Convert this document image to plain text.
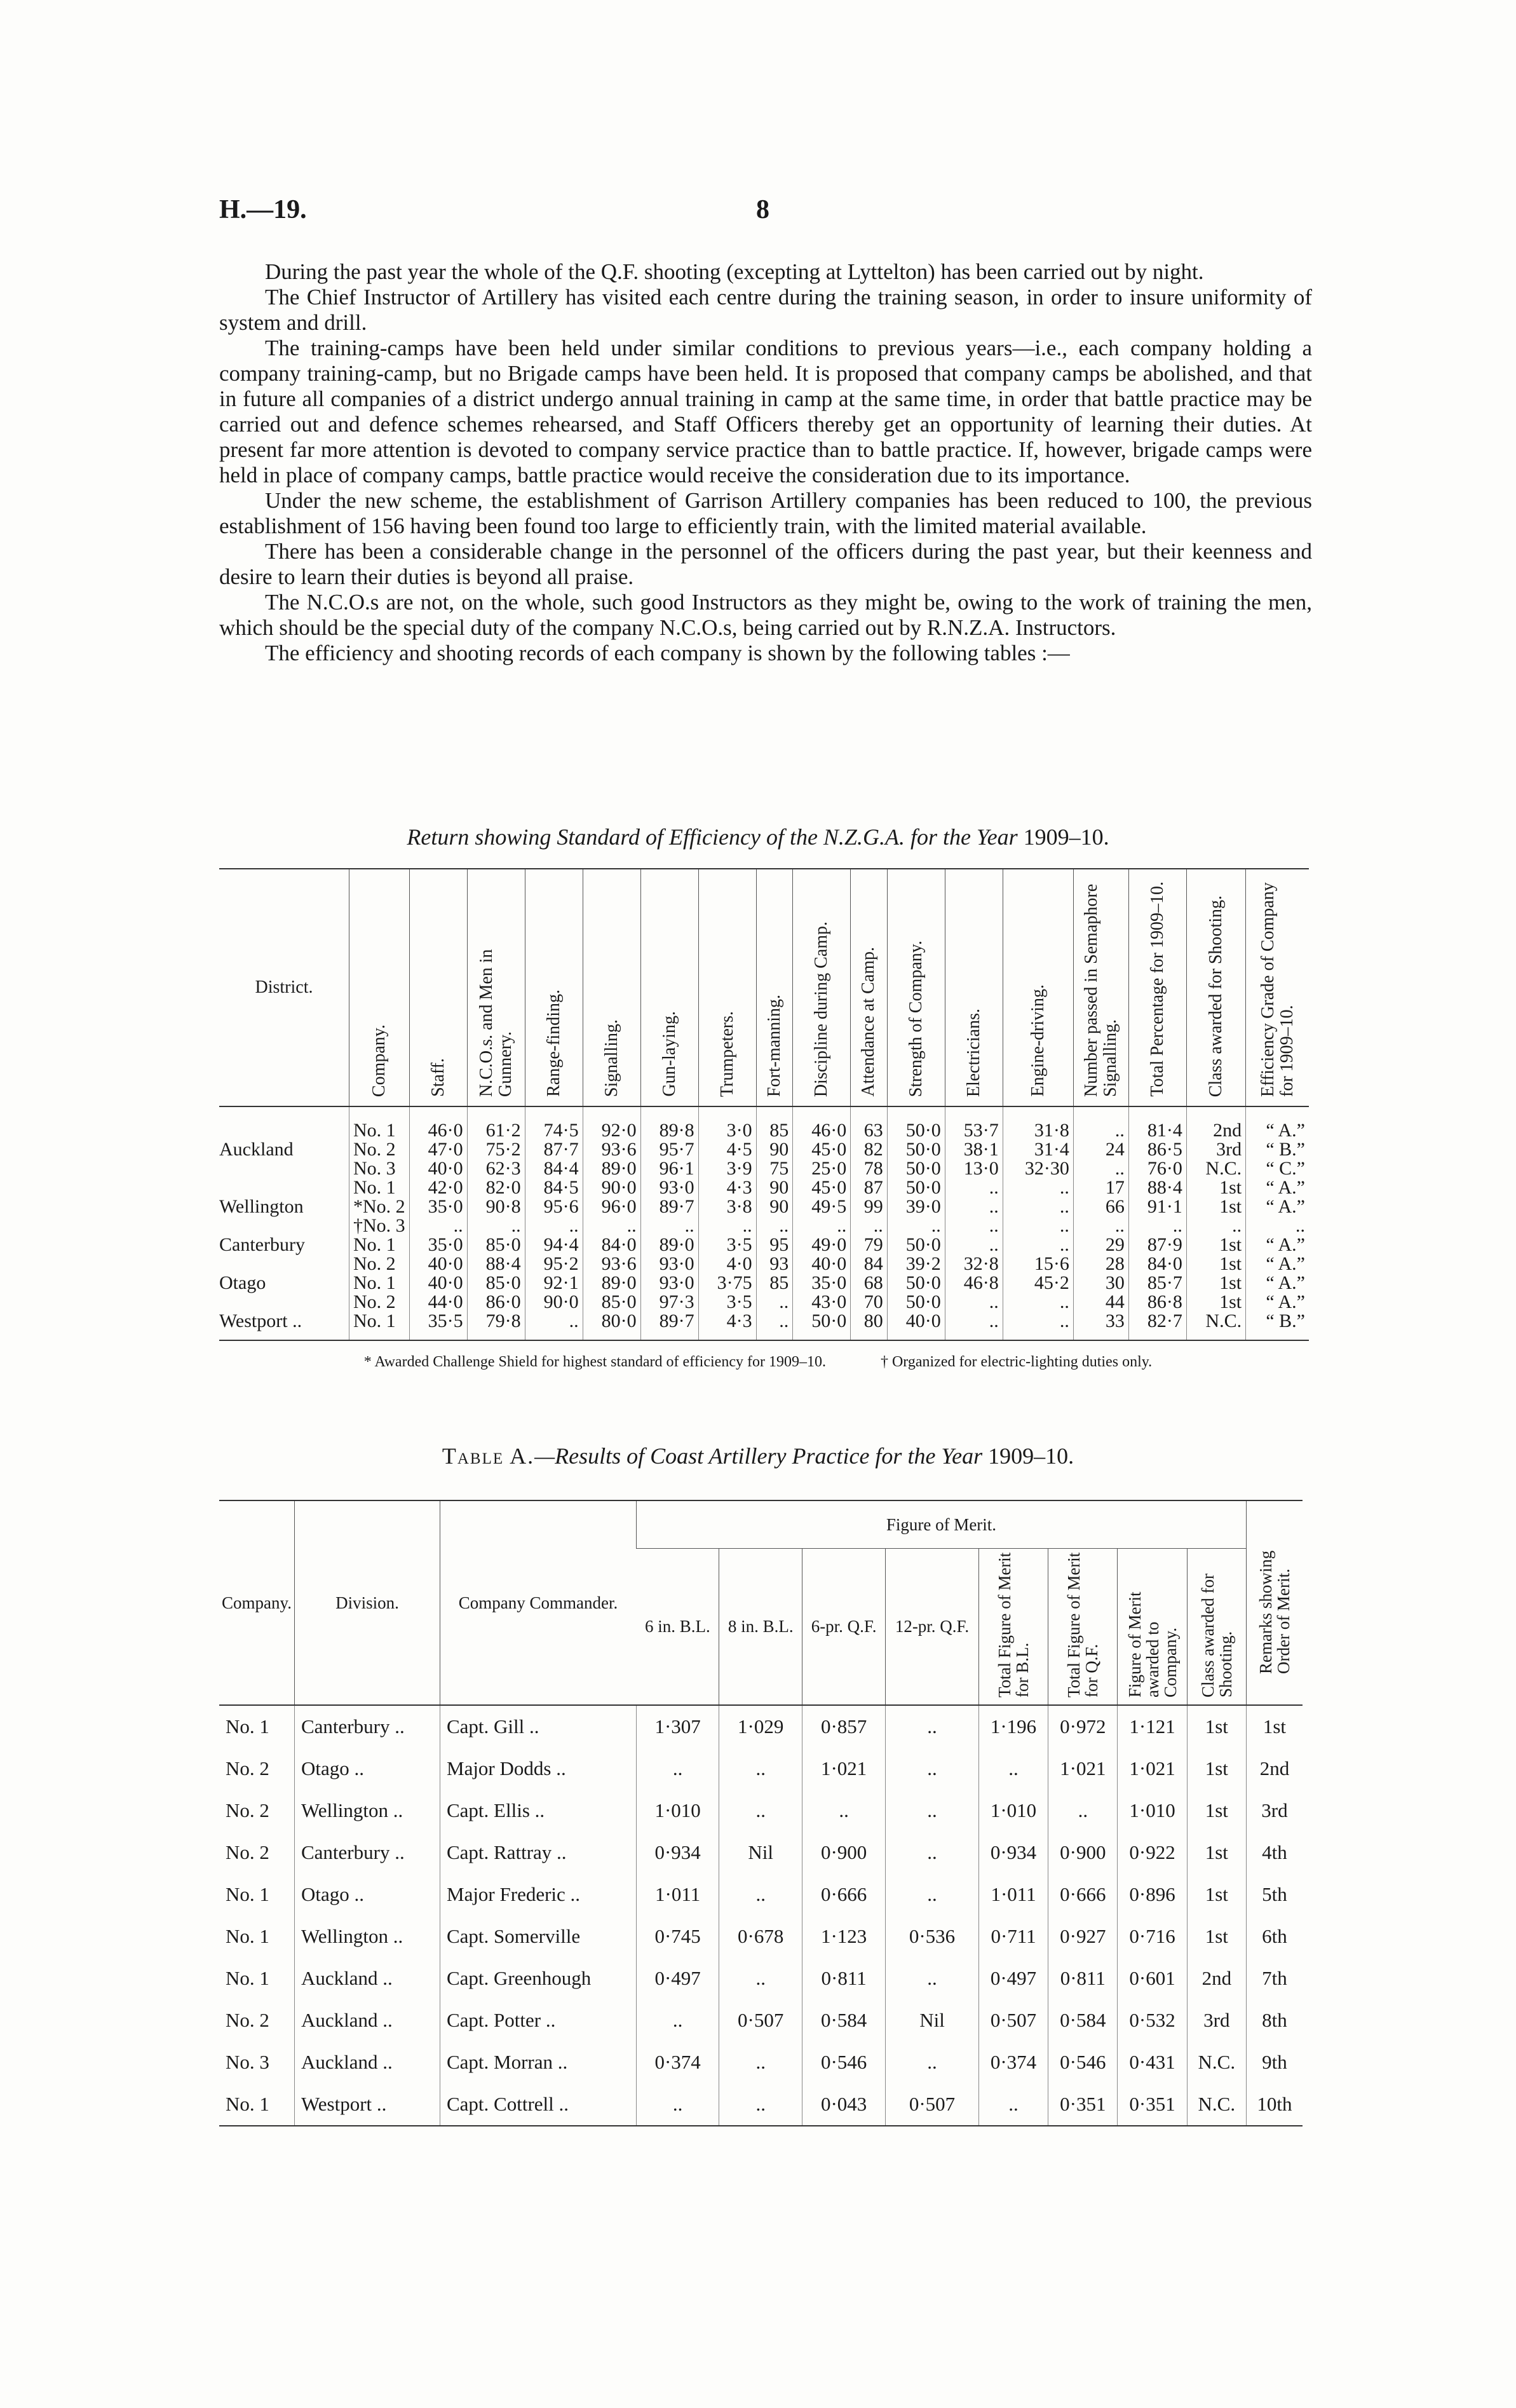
H.—19.	8

During the past year the whole of the Q.F. shooting (excepting at Lyttelton) has been carried out by night.

The Chief Instructor of Artillery has visited each centre during the training season, in order to insure uniformity of system and drill.

The training-camps have been held under similar conditions to previous years—i.e., each company holding a company training-camp, but no Brigade camps have been held. It is proposed that company camps be abolished, and that in future all companies of a district undergo annual training in camp at the same time, in order that battle practice may be carried out and defence schemes rehearsed, and Staff Officers thereby get an opportunity of learning their duties. At present far more attention is devoted to company service practice than to battle practice. If, however, brigade camps were held in place of company camps, battle practice would receive the consideration due to its importance.

Under the new scheme, the establishment of Garrison Artillery companies has been reduced to 100, the previous establishment of 156 having been found too large to efficiently train, with the limited material available.

There has been a considerable change in the personnel of the officers during the past year, but their keenness and desire to learn their duties is beyond all praise.

The N.C.O.s are not, on the whole, such good Instructors as they might be, owing to the work of training the men, which should be the special duty of the company N.C.O.s, being carried out by R.N.Z.A. Instructors.

The efficiency and shooting records of each company is shown by the following tables :—

Return showing Standard of Efficiency of the N.Z.G.A. for the Year 1909–10.
District.	Company.	Staff.	N.C.O.s. and Men in Gunnery.	Range-finding.	Signalling.	Gun-laying.	Trumpeters.	Fort-manning.	Discipline during Camp.	Attendance at Camp.	Strength of Company.	Electricians.	Engine-driving.	Number passed in Semaphore Signalling.	Total Percentage for 1909–10.	Class awarded for Shooting.	Efficiency Grade of Company for 1909–10.
	No. 1	46·0	61·2	74·5	92·0	89·8	3·0	85	46·0	63	50·0	53·7	31·8	..	81·4	2nd	“ A.”
Auckland	No. 2	47·0	75·2	87·7	93·6	95·7	4·5	90	45·0	82	50·0	38·1	31·4	24	86·5	3rd	“ B.”
	No. 3	40·0	62·3	84·4	89·0	96·1	3·9	75	25·0	78	50·0	13·0	32·30	..	76·0	N.C.	“ C.”
	No. 1	42·0	82·0	84·5	90·0	93·0	4·3	90	45·0	87	50·0	..	..	17	88·4	1st	“ A.”
Wellington	*No. 2	35·0	90·8	95·6	96·0	89·7	3·8	90	49·5	99	39·0	..	..	66	91·1	1st	“ A.”
	†No. 3	..	..	..	..	..	..	..	..	..	..	..	..	..	..	..	..
Canterbury	No. 1	35·0	85·0	94·4	84·0	89·0	3·5	95	49·0	79	50·0	..	..	29	87·9	1st	“ A.”
	No. 2	40·0	88·4	95·2	93·6	93·0	4·0	93	40·0	84	39·2	32·8	15·6	28	84·0	1st	“ A.”
Otago	No. 1	40·0	85·0	92·1	89·0	93·0	3·75	85	35·0	68	50·0	46·8	45·2	30	85·7	1st	“ A.”
	No. 2	44·0	86·0	90·0	85·0	97·3	3·5	..	43·0	70	50·0	..	..	44	86·8	1st	“ A.”
Westport ..	No. 1	35·5	79·8	..	80·0	89·7	4·3	..	50·0	80	40·0	..	..	33	82·7	N.C.	“ B.”
* Awarded Challenge Shield for highest standard of efficiency for 1909–10.	† Organized for electric-lighting duties only.
Table A.—Results of Coast Artillery Practice for the Year 1909–10.
Company.	Division.	Company Commander.	Figure of Merit.								Remarks showing Order of Merit.
			6 in. B.L.	8 in. B.L.	6-pr. Q.F.	12-pr. Q.F.	Total Figure of Merit for B.L.	Total Figure of Merit for Q.F.	Figure of Merit awarded to Company.	Class awarded for Shooting.	
No. 1	Canterbury ..	Capt. Gill ..	1·307	1·029	0·857	..	1·196	0·972	1·121	1st	1st
No. 2	Otago ..	Major Dodds ..	..	..	1·021	..	..	1·021	1·021	1st	2nd
No. 2	Wellington ..	Capt. Ellis ..	1·010	..	..	..	1·010	..	1·010	1st	3rd
No. 2	Canterbury ..	Capt. Rattray ..	0·934	Nil	0·900	..	0·934	0·900	0·922	1st	4th
No. 1	Otago ..	Major Frederic ..	1·011	..	0·666	..	1·011	0·666	0·896	1st	5th
No. 1	Wellington ..	Capt. Somerville	0·745	0·678	1·123	0·536	0·711	0·927	0·716	1st	6th
No. 1	Auckland ..	Capt. Greenhough	0·497	..	0·811	..	0·497	0·811	0·601	2nd	7th
No. 2	Auckland ..	Capt. Potter ..	..	0·507	0·584	Nil	0·507	0·584	0·532	3rd	8th
No. 3	Auckland ..	Capt. Morran ..	0·374	..	0·546	..	0·374	0·546	0·431	N.C.	9th
No. 1	Westport ..	Capt. Cottrell ..	..	..	0·043	0·507	..	0·351	0·351	N.C.	10th
